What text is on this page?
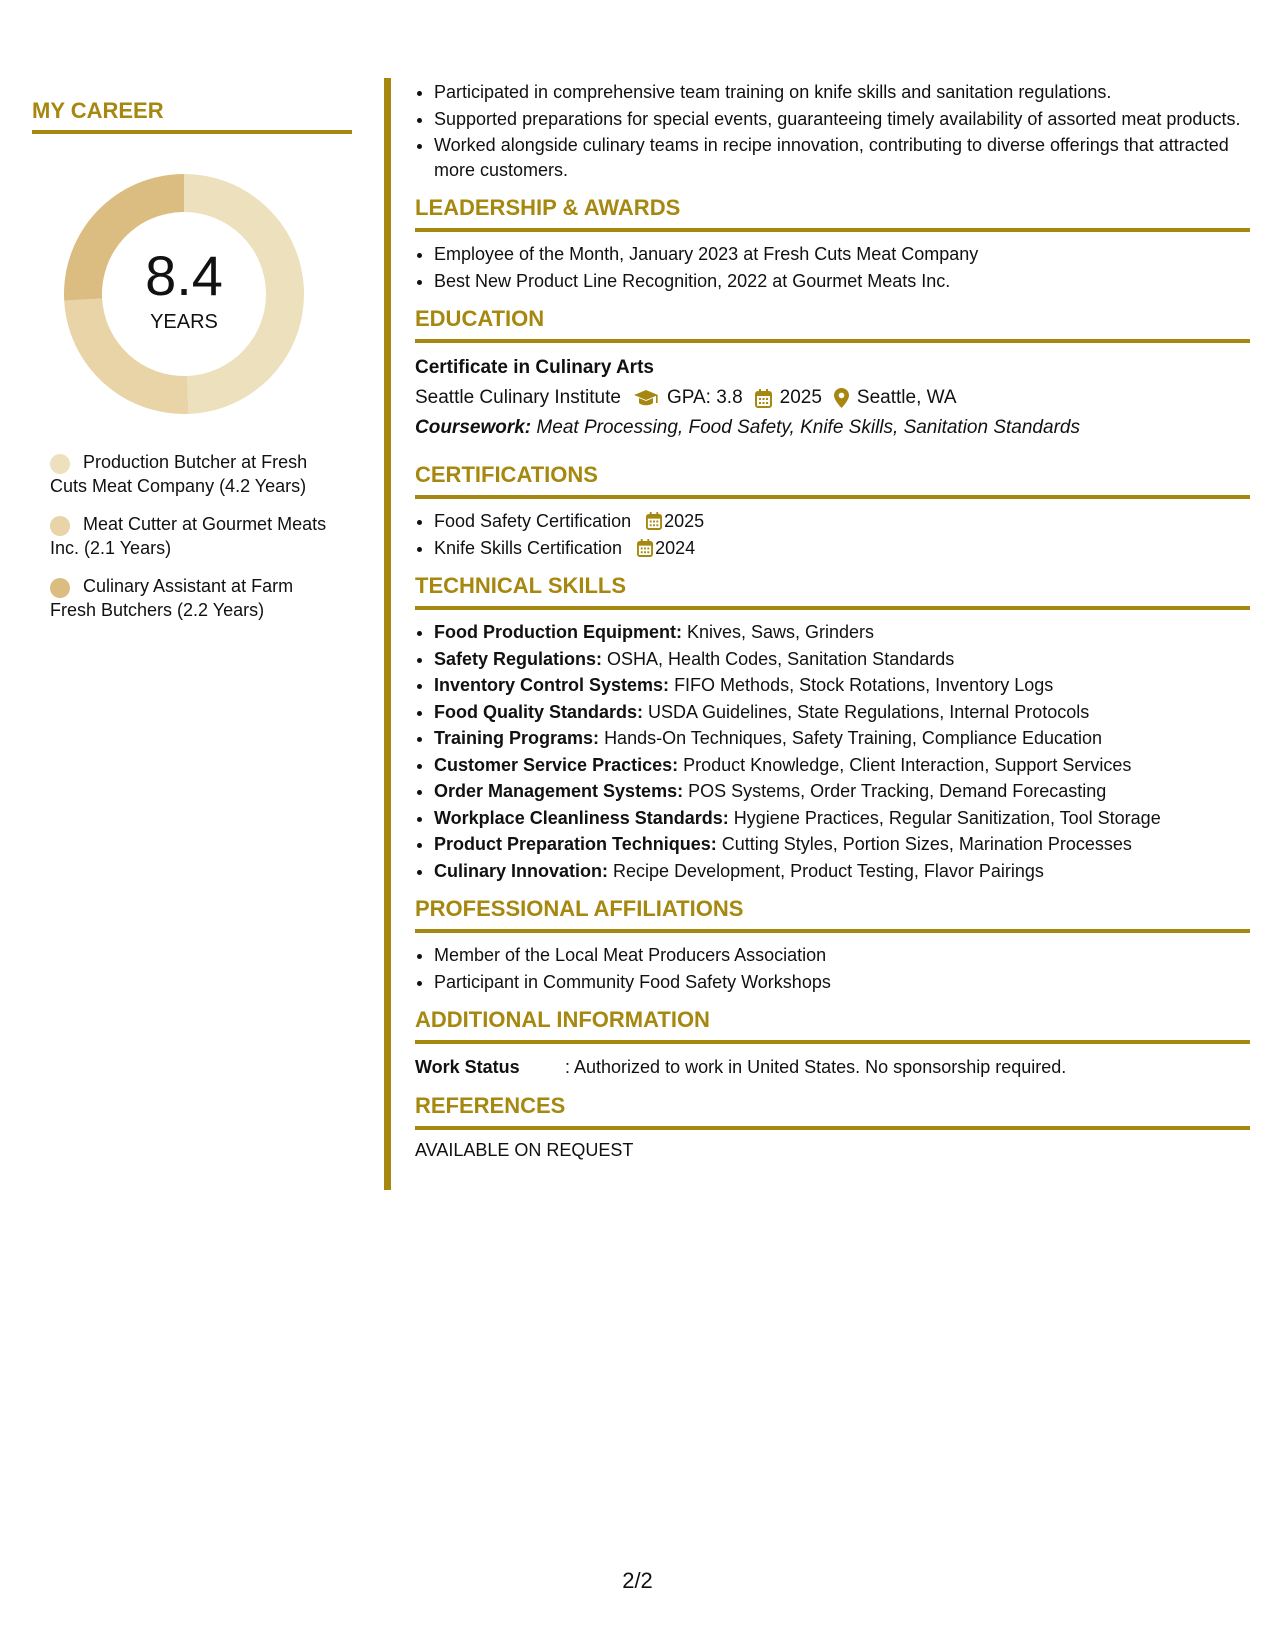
MY CAREER
8.4
YEARS
Production Butcher at Fresh Cuts Meat Company (4.2 Years)
Meat Cutter at Gourmet Meats Inc. (2.1 Years)
Culinary Assistant at Farm Fresh Butchers (2.2 Years)
• Participated in comprehensive team training on knife skills and sanitation regulations.
• Supported preparations for special events, guaranteeing timely availability of assorted meat products.
• Worked alongside culinary teams in recipe innovation, contributing to diverse offerings that attracted more customers.
LEADERSHIP & AWARDS
• Employee of the Month, January 2023 at Fresh Cuts Meat Company
• Best New Product Line Recognition, 2022 at Gourmet Meats Inc.
EDUCATION
Certificate in Culinary Arts
Seattle Culinary Institute GPA: 3.8 2025 Seattle, WA
Coursework: Meat Processing, Food Safety, Knife Skills, Sanitation Standards
CERTIFICATIONS
• Food Safety Certification 2025
• Knife Skills Certification 2024
TECHNICAL SKILLS
• Food Production Equipment: Knives, Saws, Grinders
• Safety Regulations: OSHA, Health Codes, Sanitation Standards
• Inventory Control Systems: FIFO Methods, Stock Rotations, Inventory Logs
• Food Quality Standards: USDA Guidelines, State Regulations, Internal Protocols
• Training Programs: Hands-On Techniques, Safety Training, Compliance Education
• Customer Service Practices: Product Knowledge, Client Interaction, Support Services
• Order Management Systems: POS Systems, Order Tracking, Demand Forecasting
• Workplace Cleanliness Standards: Hygiene Practices, Regular Sanitization, Tool Storage
• Product Preparation Techniques: Cutting Styles, Portion Sizes, Marination Processes
• Culinary Innovation: Recipe Development, Product Testing, Flavor Pairings
PROFESSIONAL AFFILIATIONS
• Member of the Local Meat Producers Association
• Participant in Community Food Safety Workshops
ADDITIONAL INFORMATION
Work Status	: Authorized to work in United States. No sponsorship required.
REFERENCES
AVAILABLE ON REQUEST
2/2
